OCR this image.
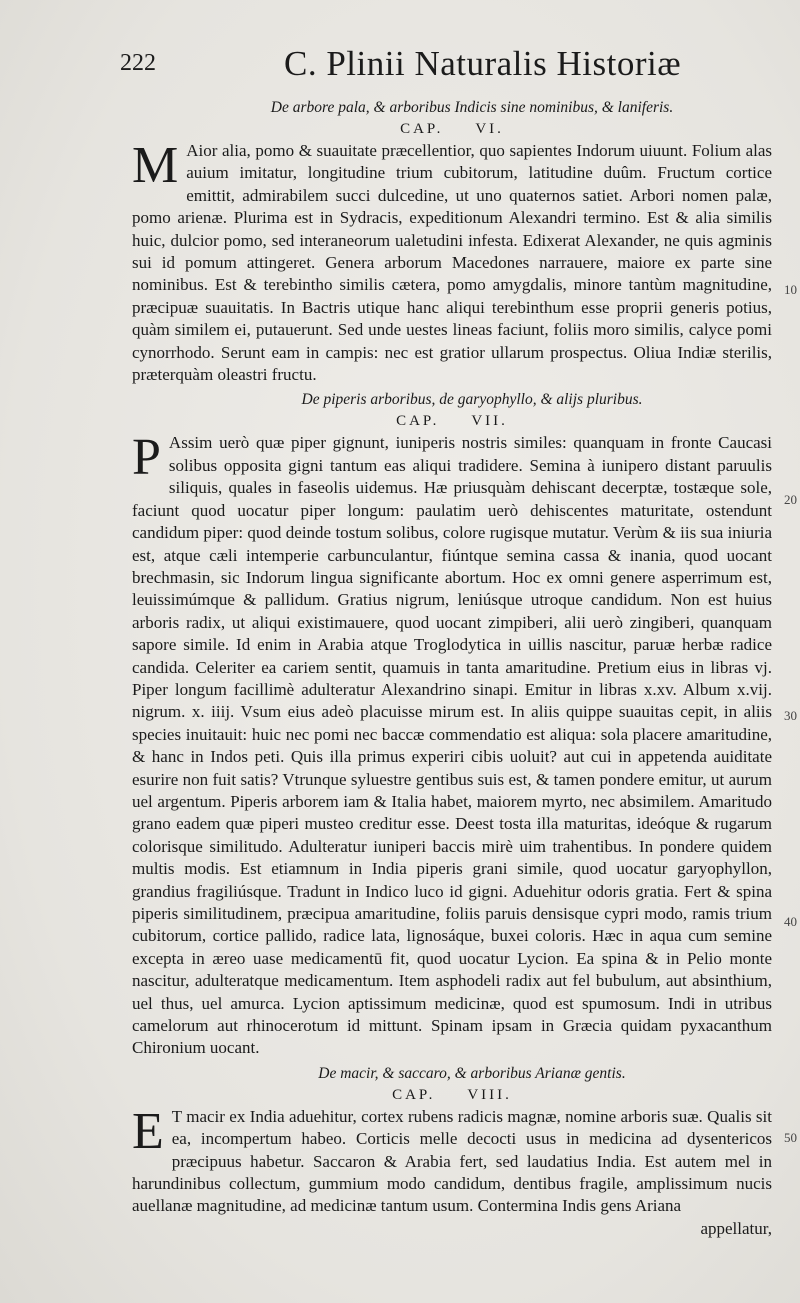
222	C. Plinii Naturalis Historiæ
De arbore pala, & arboribus Indicis sine nominibus, & laniferis.
CAP. VI.

M Aior alia, pomo & suauitate præcellentior, quo sapientes Indorum uiuunt. Folium alas auium imitatur, longitudine trium cubitorum, latitudine duûm. Fructum cortice emittit, admirabilem succi dulcedine, ut uno quaternos satiet. Arbori nomen palæ, pomo arienæ. Plurima est in Sydracis, expeditionum Alexandri termino. Est & alia similis huic, dulcior pomo, sed interaneorum ualetudini infesta. Edixerat Alexander, ne quis agminis sui id pomum attingeret. Genera arborum Macedones narrauere, maiore ex parte sine nominibus. Est & terebintho similis cætera, pomo amygdalis, minore tantùm magnitudine, præcipuæ suauitatis. In Bactris utique hanc aliqui terebinthum esse proprii generis potius, quàm similem ei, putauerunt. Sed unde uestes lineas faciunt, foliis moro similis, calyce pomi cynorrhodo. Serunt eam in campis: nec est gratior ullarum prospectus. Oliua Indiæ sterilis, præterquàm oleastri fructu.

De piperis arboribus, de garyophyllo, & alijs pluribus.
CAP. VII.

P Assim uerò quæ piper gignunt, iuniperis nostris similes: quanquam in fronte Caucasi solibus opposita gigni tantum eas aliqui tradidere. Semina à iunipero distant paruulis siliquis, quales in faseolis uidemus. Hæ priusquàm dehiscant decerptæ, tostæque sole, faciunt quod uocatur piper longum: paulatim uerò dehiscentes maturitate, ostendunt candidum piper: quod deinde tostum solibus, colore rugisque mutatur. Verùm & iis sua iniuria est, atque cæli intemperie carbunculantur, fiúntque semina cassa & inania, quod uocant brechmasin, sic Indorum lingua significante abortum. Hoc ex omni genere asperrimum est, leuissimúmque & pallidum. Gratius nigrum, leniúsque utroque candidum. Non est huius arboris radix, ut aliqui existimauere, quod uocant zimpiberi, alii uerò zingiberi, quanquam sapore simile. Id enim in Arabia atque Troglodytica in uillis nascitur, paruæ herbæ radice candida. Celeriter ea cariem sentit, quamuis in tanta amaritudine. Pretium eius in libras vj. Piper longum facillimè adulteratur Alexandrino sinapi. Emitur in libras x.xv. Album x.vij. nigrum. x. iiij. Vsum eius adeò placuisse mirum est. In aliis quippe suauitas cepit, in aliis species inuitauit: huic nec pomi nec baccæ commendatio est aliqua: sola placere amaritudine, & hanc in Indos peti. Quis illa primus experiri cibis uoluit? aut cui in appetenda auiditate esurire non fuit satis? Vtrunque syluestre gentibus suis est, & tamen pondere emitur, ut aurum uel argentum. Piperis arborem iam & Italia habet, maiorem myrto, nec absimilem. Amaritudo grano eadem quæ piperi musteo creditur esse. Deest tosta illa maturitas, ideóque & rugarum colorisque similitudo. Adulteratur iuniperi baccis mirè uim trahentibus. In pondere quidem multis modis. Est etiamnum in India piperis grani simile, quod uocatur garyophyllon, grandius fragiliúsque. Tradunt in Indico luco id gigni. Aduehitur odoris gratia. Fert & spina piperis similitudinem, præcipua amaritudine, foliis paruis densisque cypri modo, ramis trium cubitorum, cortice pallido, radice lata, lignosáque, buxei coloris. Hæc in aqua cum semine excepta in æreo uase medicamentū fit, quod uocatur Lycion. Ea spina & in Pelio monte nascitur, adulteratque medicamentum. Item asphodeli radix aut fel bubulum, aut absinthium, uel thus, uel amurca. Lycion aptissimum medicinæ, quod est spumosum. Indi in utribus camelorum aut rhinocerotum id mittunt. Spinam ipsam in Græcia quidam pyxacanthum Chironium uocant.

De macir, & saccaro, & arboribus Arianæ gentis.
CAP. VIII.

E T macir ex India aduehitur, cortex rubens radicis magnæ, nomine arboris suæ. Qualis sit ea, incompertum habeo. Corticis melle decocti usus in medicina ad dysentericos præcipuus habetur. Saccaron & Arabia fert, sed laudatius India. Est autem mel in harundinibus collectum, gummium modo candidum, dentibus fragile, amplissimum nucis auellanæ magnitudine, ad medicinæ tantum usum. Contermina Indis gens Ariana

appellatur,
10
20
30
40
50
